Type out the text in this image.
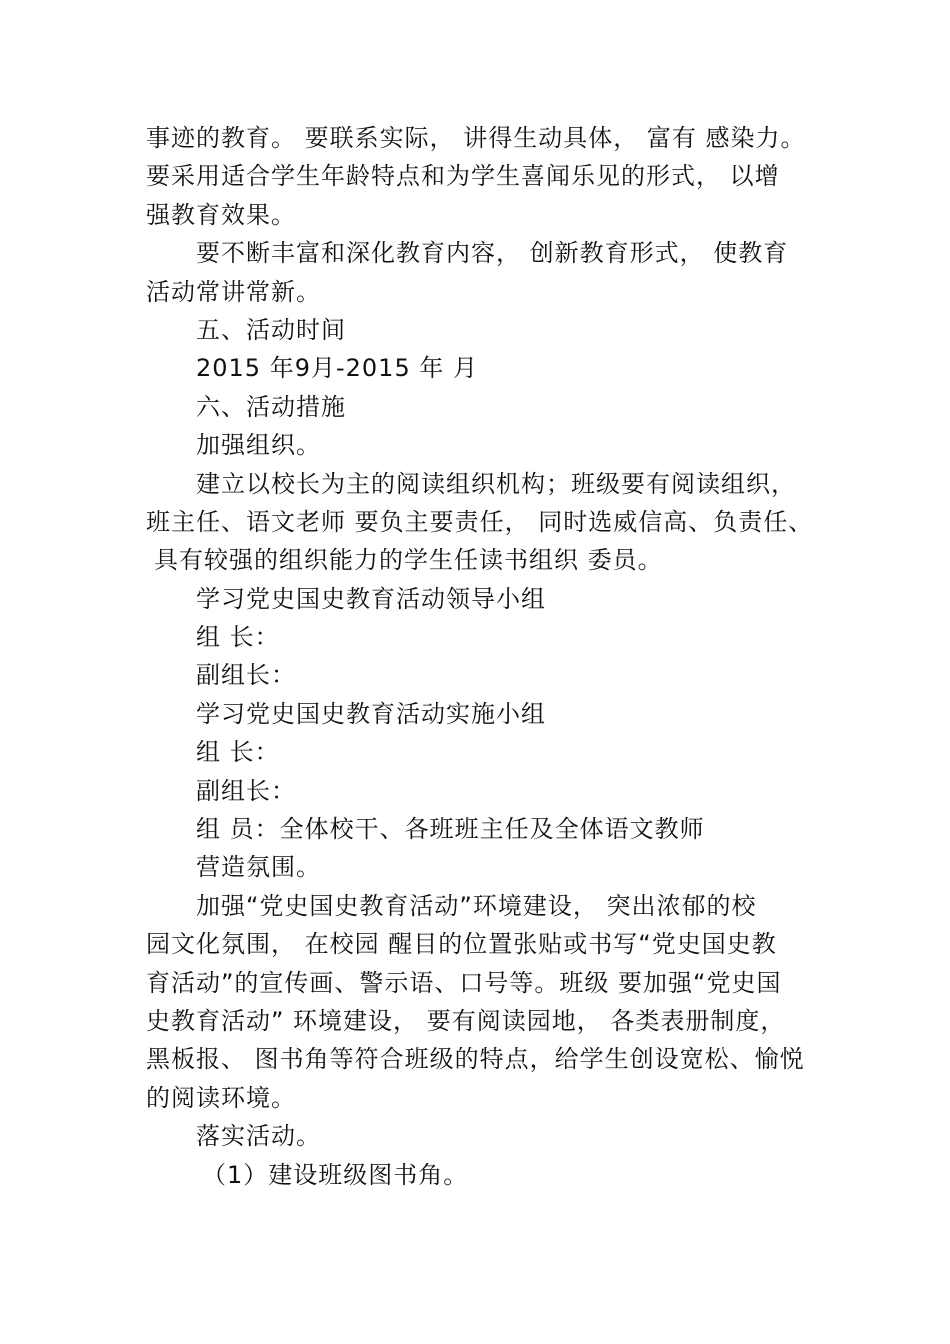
事迹的教育。 要联系实际， 讲得生动具体， 富有 感染力。
要采用适合学生年龄特点和为学生喜闻乐见的形式， 以增
强教育效果。
要不断丰富和深化教育内容， 创新教育形式， 使教育
活动常讲常新。
五、活动时间
2015 年9月-2015 年 月
六、活动措施
加强组织。
建立以校长为主的阅读组织机构；班级要有阅读组织，
班主任、语文老师 要负主要责任， 同时选威信高、负责任、
具有较强的组织能力的学生任读书组织 委员。
学习党史国史教育活动领导小组
组 长：
副组长：
学习党史国史教育活动实施小组
组 长：
副组长：
组 员：全体校干、各班班主任及全体语文教师
营造氛围。
加强“党史国史教育活动”环境建设， 突出浓郁的校
园文化氛围， 在校园 醒目的位置张贴或书写“党史国史教
育活动”的宣传画、警示语、口号等。班级 要加强“党史国
史教育活动” 环境建设， 要有阅读园地， 各类表册制度，
黑板报、 图书角等符合班级的特点，给学生创设宽松、愉悦
的阅读环境。
落实活动。
（1）建设班级图书角。
